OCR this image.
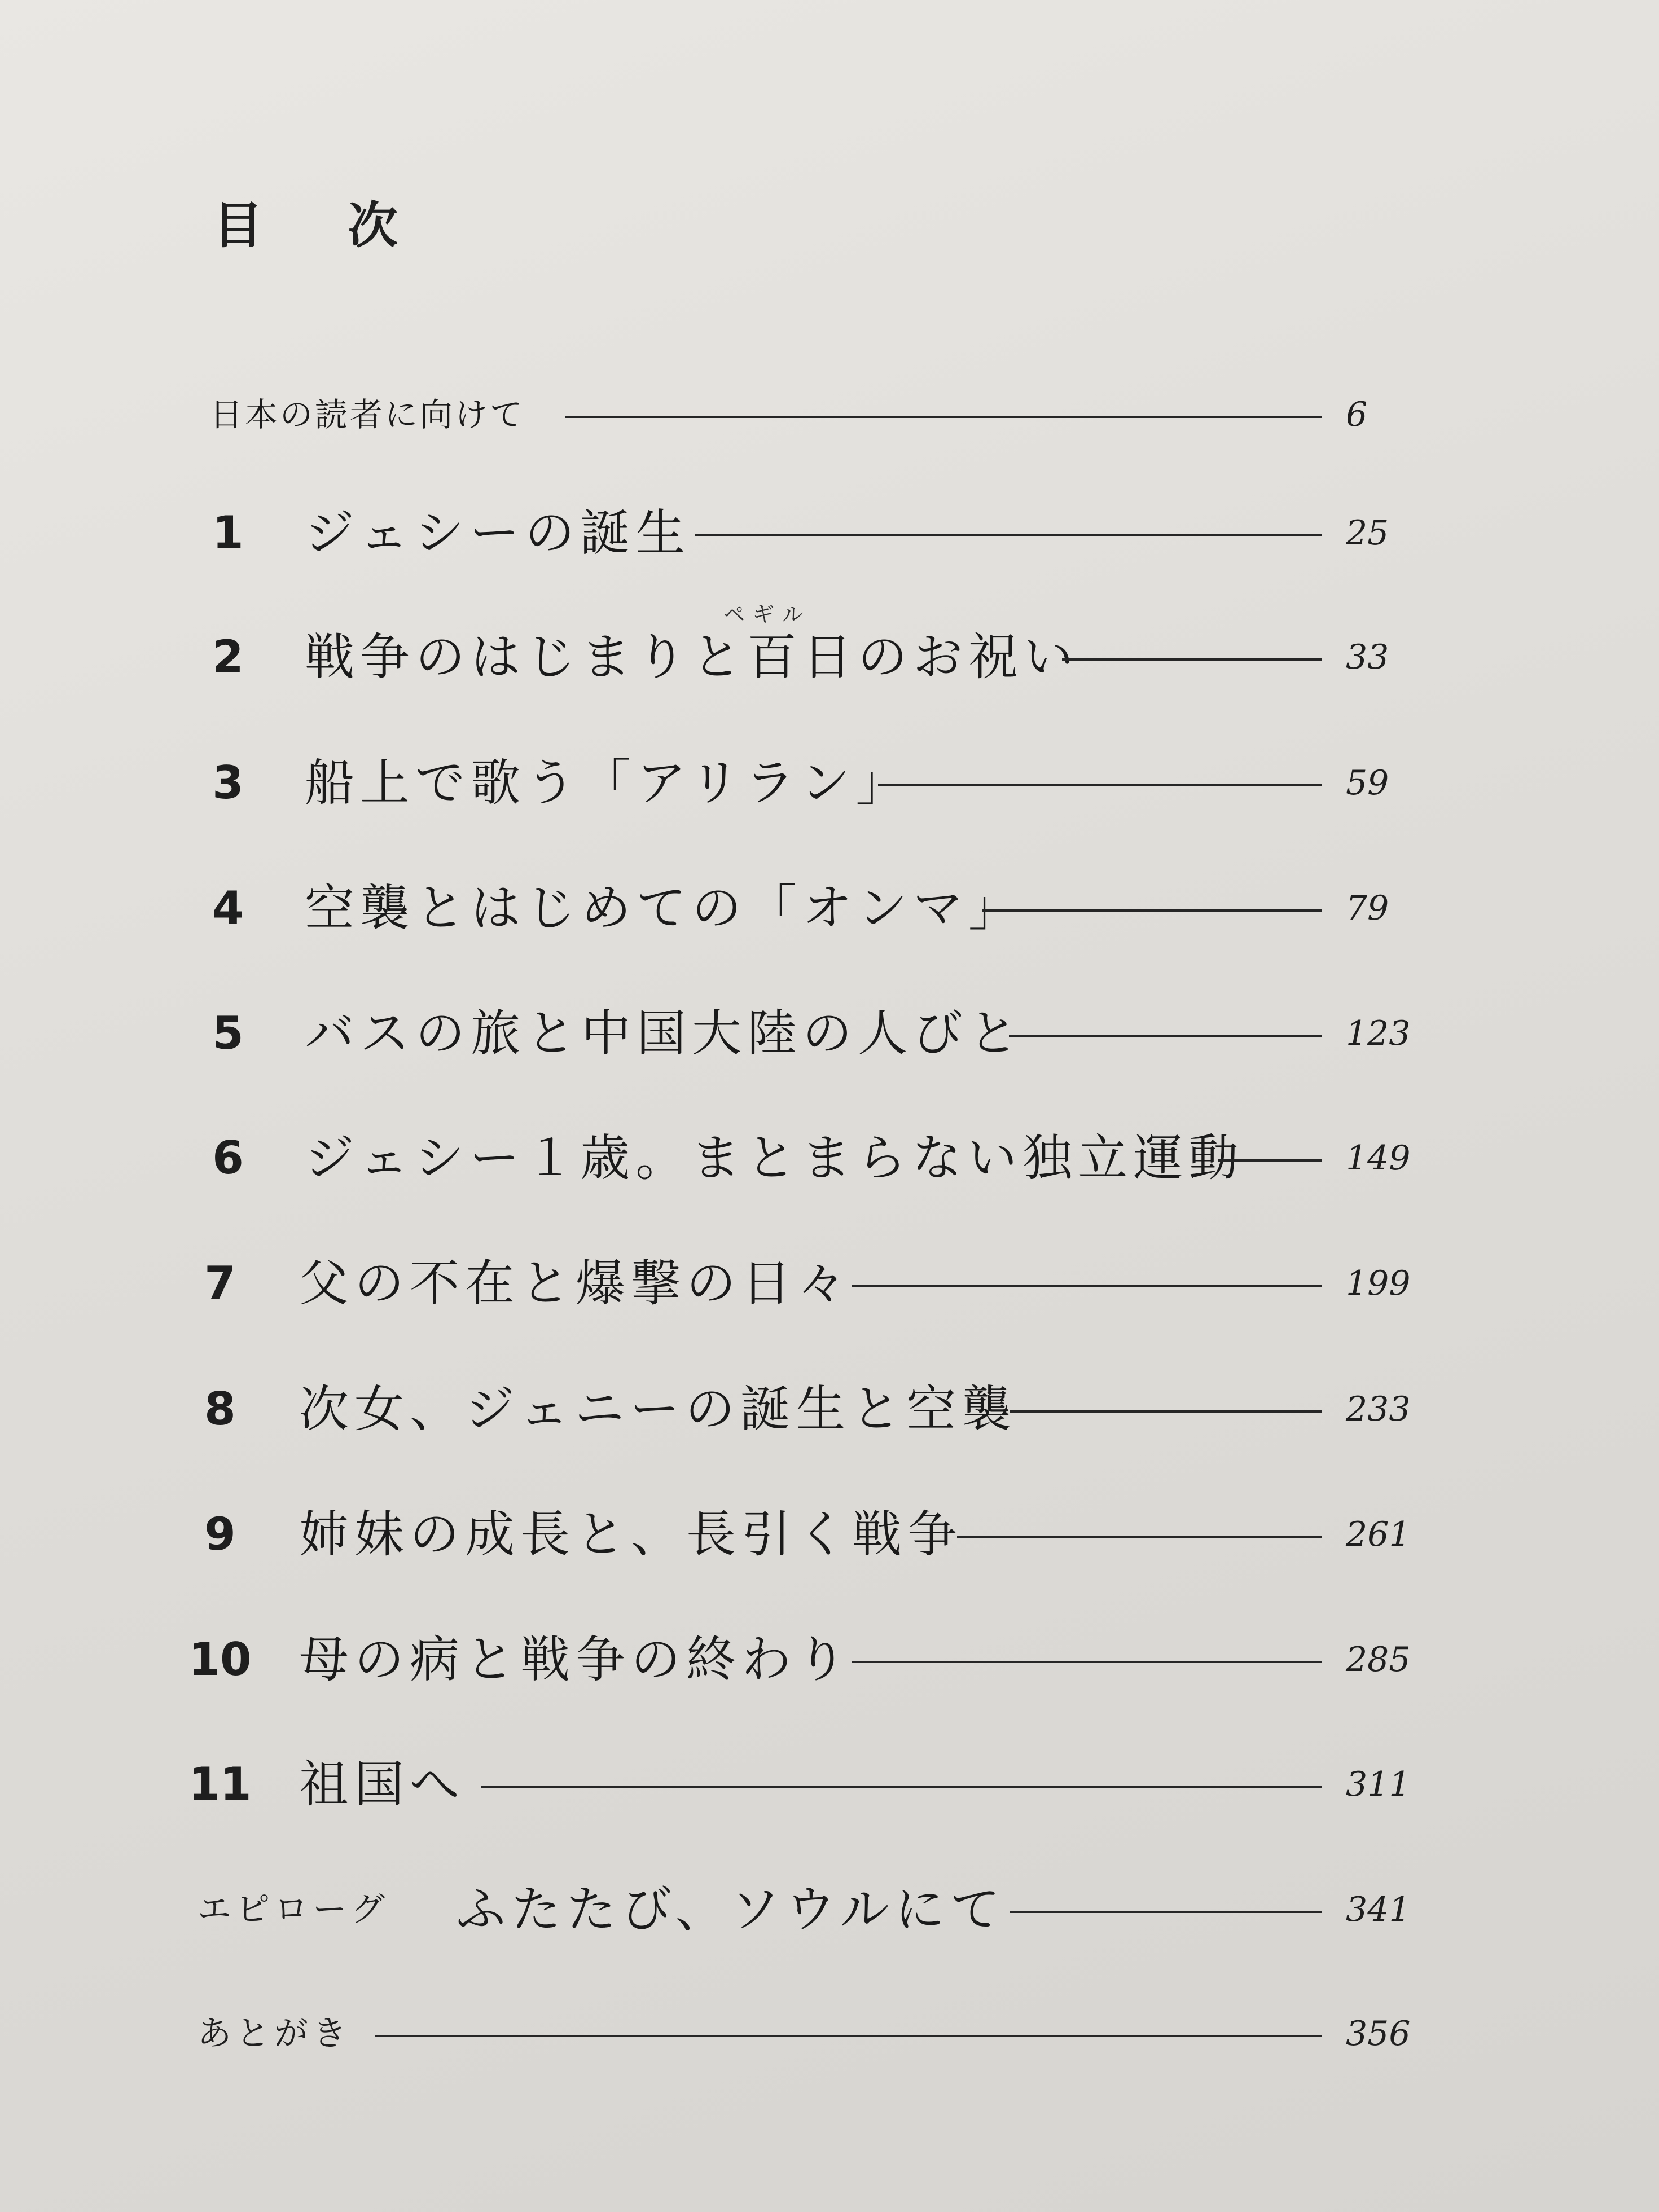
目 次
日本の読者に向けて	6
1	ジェシーの誕生	25
ペギル
2	戦争のはじまりと百日のお祝い	33
3	船上で歌う「アリラン」	59
4	空襲とはじめての「オンマ」	79
5	バスの旅と中国大陸の人びと	123
6	ジェシー１歳。まとまらない独立運動	149
7	父の不在と爆撃の日々	199
8	次女、ジェニーの誕生と空襲	233
9	姉妹の成長と、長引く戦争	261
10 母の病と戦争の終わり	285
11 祖国へ	311
エピローグ ふたたび、ソウルにて	341
あとがき	356
